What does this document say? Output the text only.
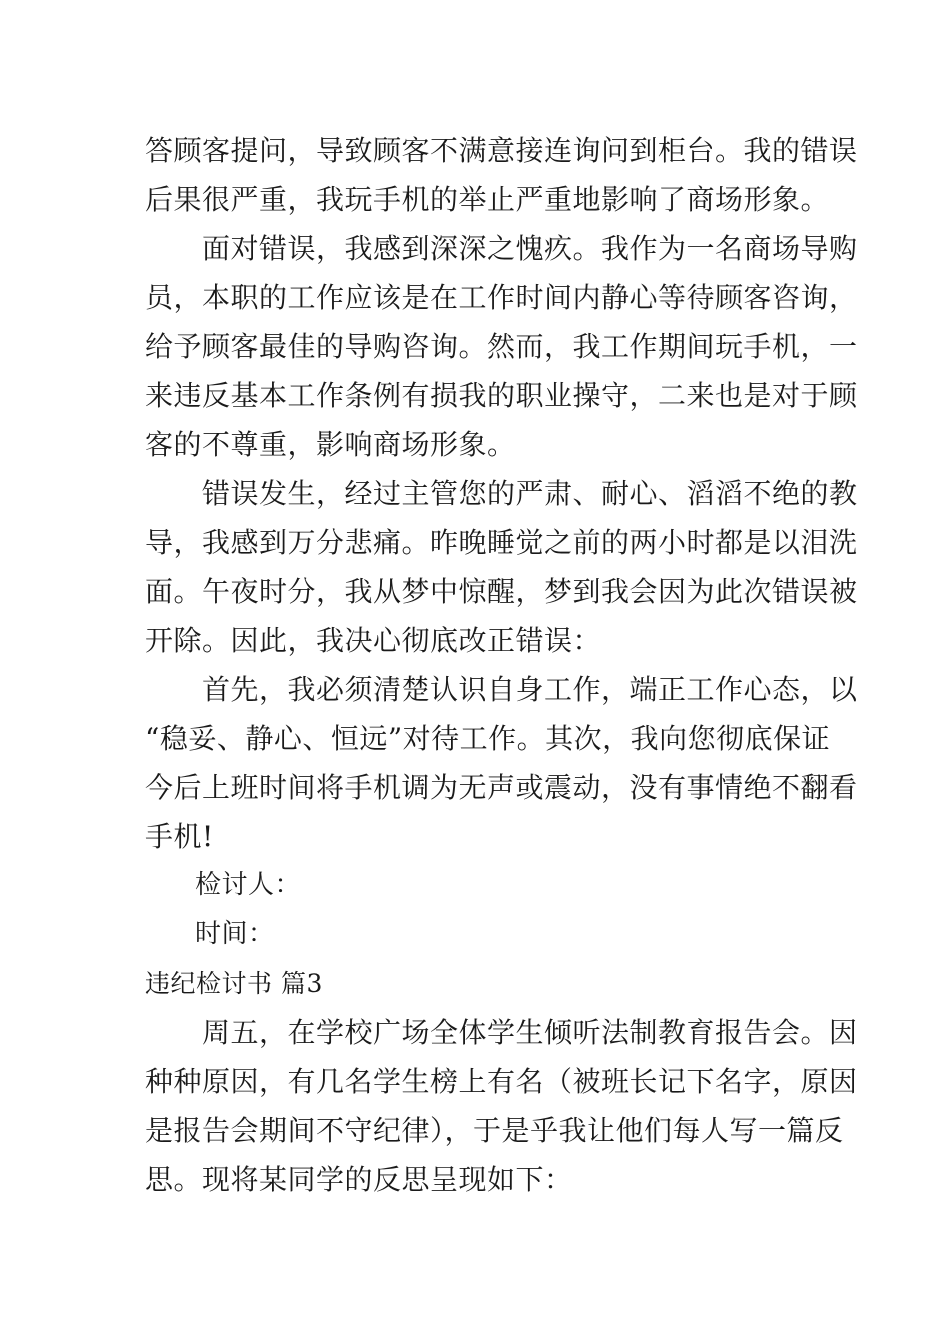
答顾客提问，导致顾客不满意接连询问到柜台。我的错误
后果很严重，我玩手机的举止严重地影响了商场形象。
面对错误，我感到深深之愧疚。我作为一名商场导购
员，本职的工作应该是在工作时间内静心等待顾客咨询，
给予顾客最佳的导购咨询。然而，我工作期间玩手机，一
来违反基本工作条例有损我的职业操守，二来也是对于顾
客的不尊重，影响商场形象。
错误发生，经过主管您的严肃、耐心、滔滔不绝的教
导，我感到万分悲痛。昨晚睡觉之前的两小时都是以泪洗
面。午夜时分，我从梦中惊醒，梦到我会因为此次错误被
开除。因此，我决心彻底改正错误：
首先，我必须清楚认识自身工作，端正工作心态，以
“稳妥、静心、恒远”对待工作。其次，我向您彻底保证
今后上班时间将手机调为无声或震动，没有事情绝不翻看
手机!
检讨人：
时间：
违纪检讨书 篇3
周五，在学校广场全体学生倾听法制教育报告会。因
种种原因，有几名学生榜上有名（被班长记下名字，原因
是报告会期间不守纪律），于是乎我让他们每人写一篇反
思。现将某同学的反思呈现如下：
